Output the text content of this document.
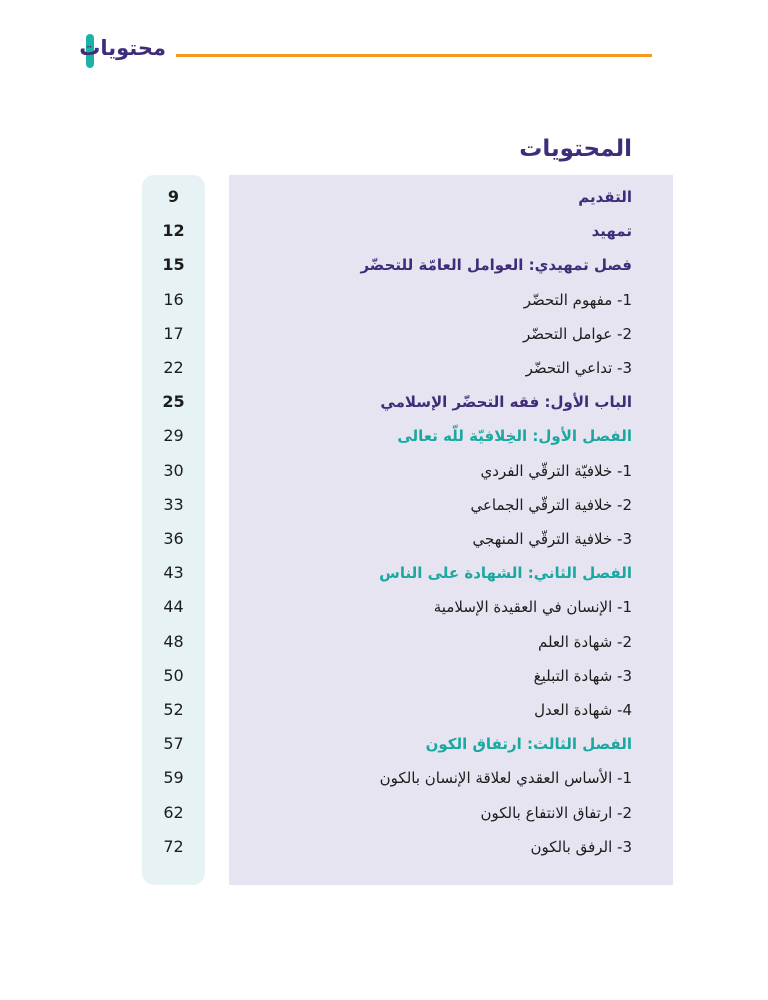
محتويات
المحتويات
التقديم
9
تمهيد
12
فصل تمهيدي: العوامل العامّة للتحضّر
15
1- مفهوم التحضّر
16
2- عوامل التحضّر
17
3- تداعي التحضّر
22
الباب الأول: فقه التحضّر الإسلامي
25
الفصل الأول: الخِلافيّة للّه تعالى
29
1- خلافيّة الترقّي الفردي
30
2- خلافية الترقّي الجماعي
33
3- خلافية الترقّي المنهجي
36
الفصل الثاني: الشهادة على الناس
43
1- الإنسان في العقيدة الإسلامية
44
2- شهادة العلم
48
3- شهادة التبليغ
50
4- شهادة العدل
52
الفصل الثالث: ارتفاق الكون
57
1- الأساس العقدي لعلاقة الإنسان بالكون
59
2- ارتفاق الانتفاع بالكون
62
3- الرفق بالكون
72
